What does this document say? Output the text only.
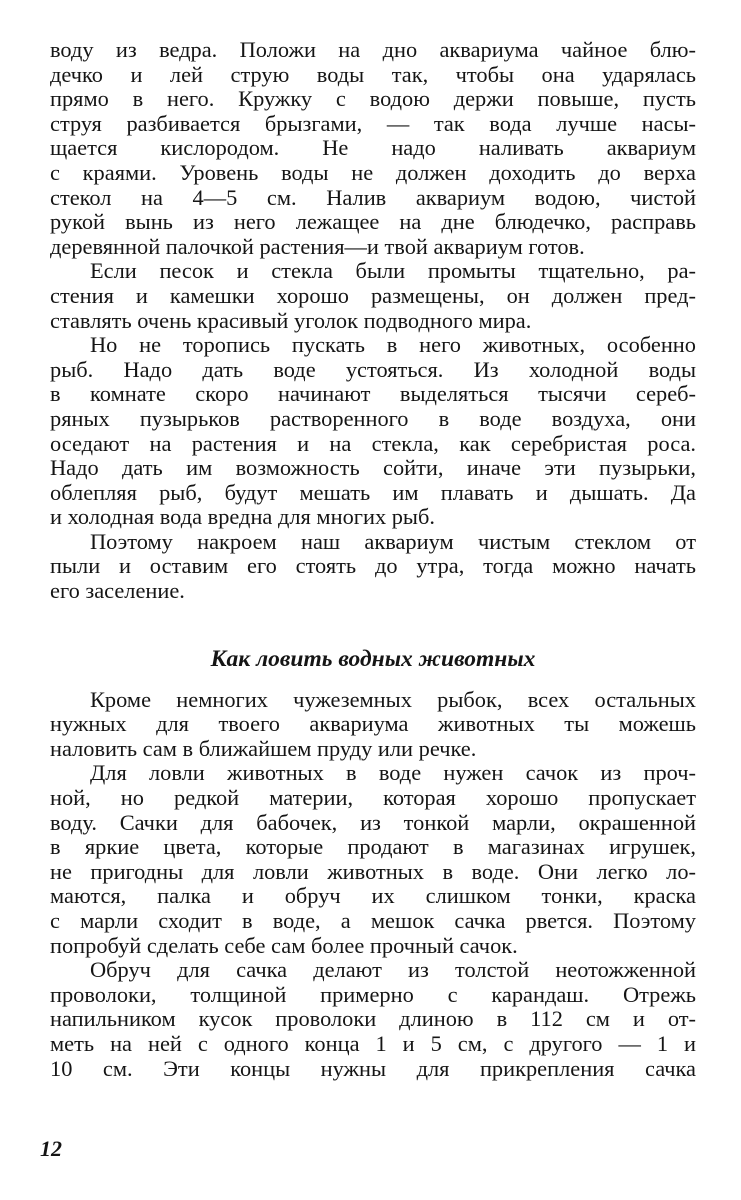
воду из ведра. Положи на дно аквариума чайное блю-
дечко и лей струю воды так, чтобы она ударялась
прямо в него. Кружку с водою держи повыше, пусть
струя разбивается брызгами, — так вода лучше насы-
щается кислородом. Не надо наливать аквариум
с краями. Уровень воды не должен доходить до верха
стекол на 4—5 см. Налив аквариум водою, чистой
рукой вынь из него лежащее на дне блюдечко, расправь
деревянной палочкой растения—и твой аквариум готов.
Если песок и стекла были промыты тщательно, ра-
стения и камешки хорошо размещены, он должен пред-
ставлять очень красивый уголок подводного мира.
Но не торопись пускать в него животных, особенно
рыб. Надо дать воде устояться. Из холодной воды
в комнате скоро начинают выделяться тысячи сереб-
ряных пузырьков растворенного в воде воздуха, они
оседают на растения и на стекла, как серебристая роса.
Надо дать им возможность сойти, иначе эти пузырьки,
облепляя рыб, будут мешать им плавать и дышать. Да
и холодная вода вредна для многих рыб.
Поэтому накроем наш аквариум чистым стеклом от
пыли и оставим его стоять до утра, тогда можно начать
его заселение.
Как ловить водных животных
Кроме немногих чужеземных рыбок, всех остальных
нужных для твоего аквариума животных ты можешь
наловить сам в ближайшем пруду или речке.
Для ловли животных в воде нужен сачок из проч-
ной, но редкой материи, которая хорошо пропускает
воду. Сачки для бабочек, из тонкой марли, окрашенной
в яркие цвета, которые продают в магазинах игрушек,
не пригодны для ловли животных в воде. Они легко ло-
маются, палка и обруч их слишком тонки, краска
с марли сходит в воде, а мешок сачка рвется. Поэтому
попробуй сделать себе сам более прочный сачок.
Обруч для сачка делают из толстой неотожженной
проволоки, толщиной примерно с карандаш. Отрежь
напильником кусок проволоки длиною в 112 см и от-
меть на ней с одного конца 1 и 5 см, с другого — 1 и
10 см. Эти концы нужны для прикрепления сачка
12
